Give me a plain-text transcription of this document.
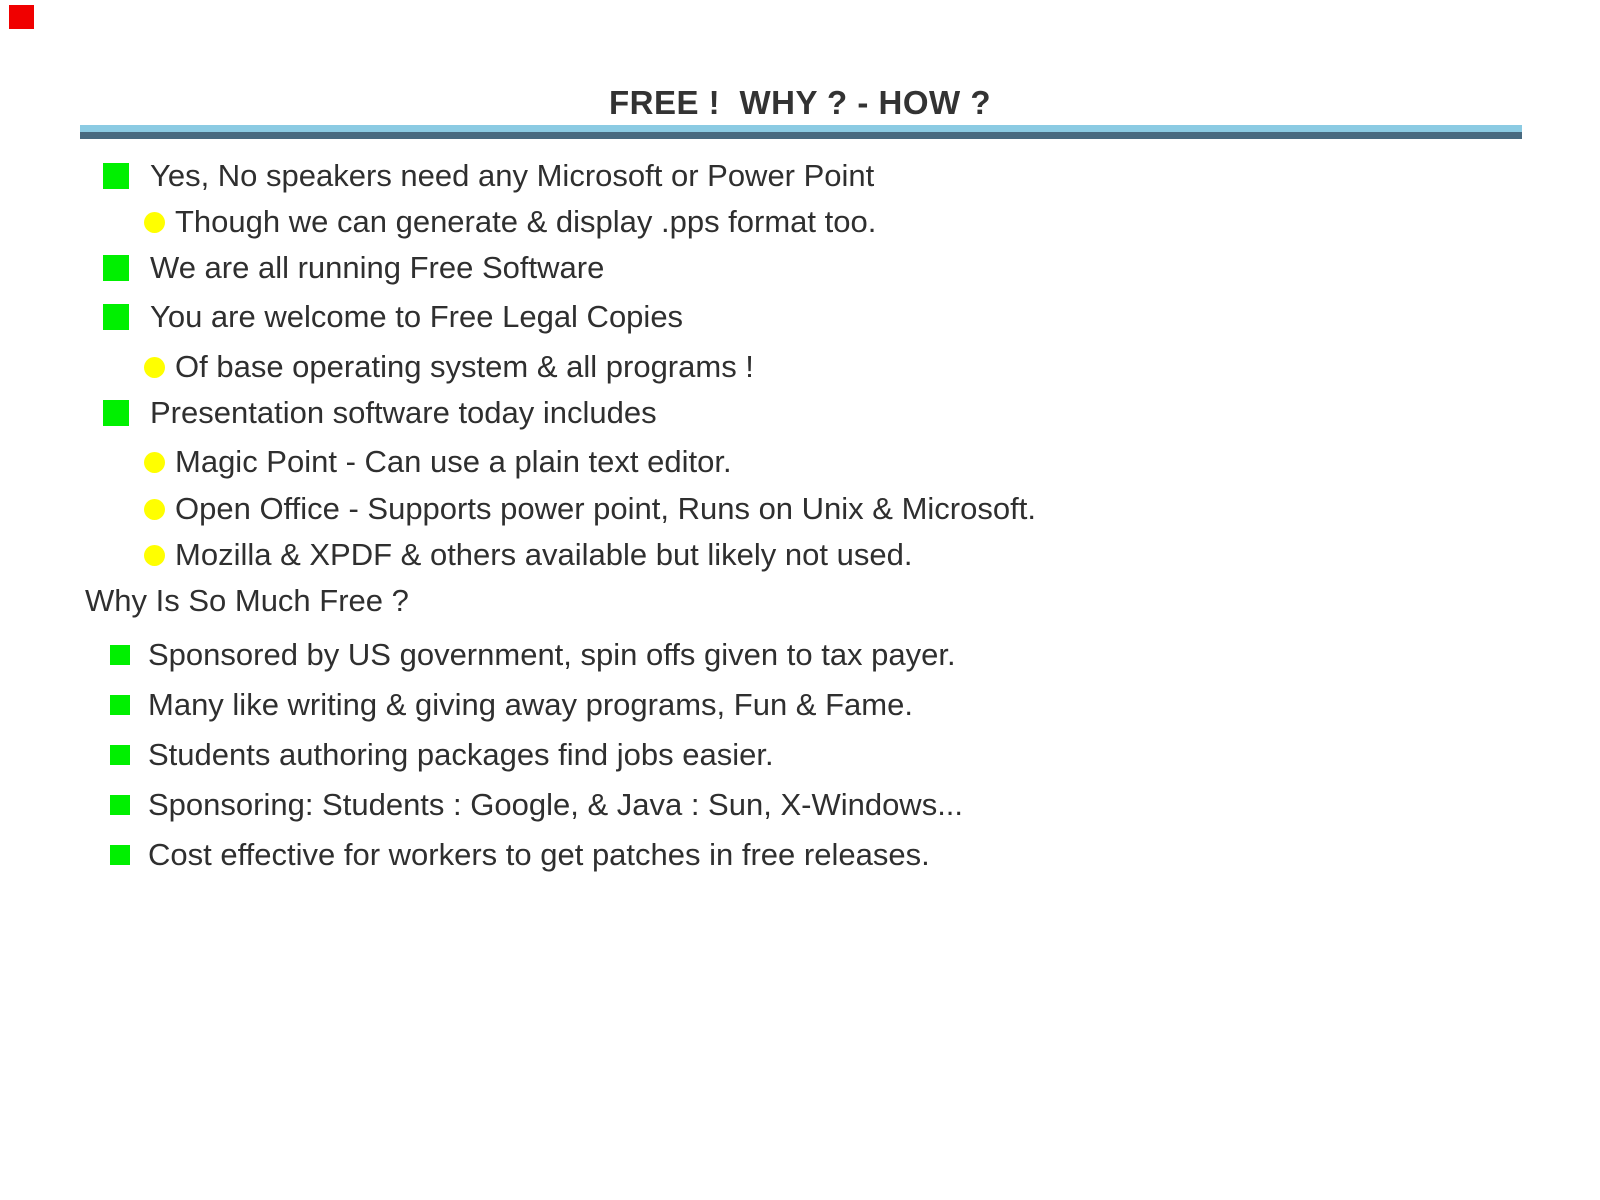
FREE !  WHY ? - HOW ?
Yes, No speakers need any Microsoft or Power Point
Though we can generate & display .pps format too.
We are all running Free Software
You are welcome to Free Legal Copies
Of base operating system & all programs !
Presentation software today includes
Magic Point - Can use a plain text editor.
Open Office - Supports power point, Runs on Unix & Microsoft.
Mozilla & XPDF & others available but likely not used.
Why Is So Much Free ?
Sponsored by US government, spin offs given to tax payer.
Many like writing & giving away programs, Fun & Fame.
Students authoring packages find jobs easier.
Sponsoring: Students : Google, & Java : Sun, X-Windows...
Cost effective for workers to get patches in free releases.
